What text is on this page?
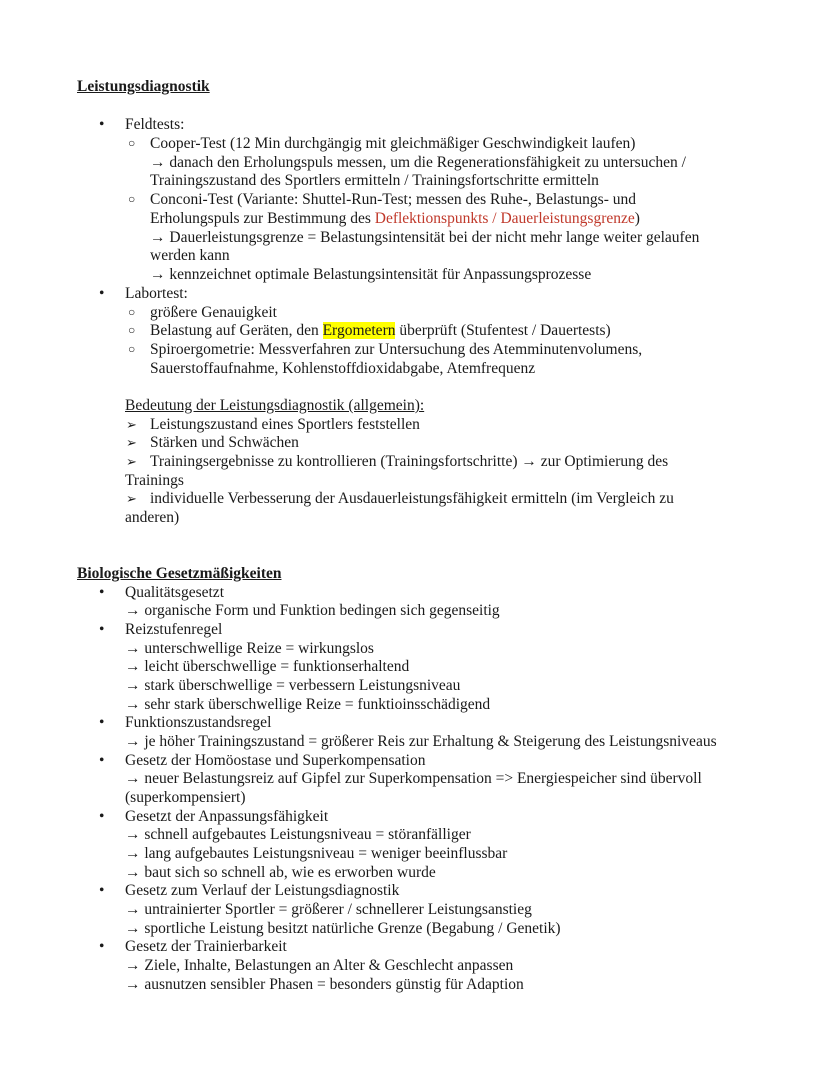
Leistungsdiagnostik
• Feldtests:
○ Cooper-Test (12 Min durchgängig mit gleichmäßiger Geschwindigkeit laufen)
→ danach den Erholungspuls messen, um die Regenerationsfähigkeit zu untersuchen /
Trainingszustand des Sportlers ermitteln / Trainingsfortschritte ermitteln
○ Conconi-Test (Variante: Shuttel-Run-Test; messen des Ruhe-, Belastungs- und
Erholungspuls zur Bestimmung des Deflektionspunkts / Dauerleistungsgrenze)
→ Dauerleistungsgrenze = Belastungsintensität bei der nicht mehr lange weiter gelaufen
werden kann
→ kennzeichnet optimale Belastungsintensität für Anpassungsprozesse
• Labortest:
○ größere Genauigkeit
○ Belastung auf Geräten, den Ergometern überprüft (Stufentest / Dauertests)
○ Spiroergometrie: Messverfahren zur Untersuchung des Atemminutenvolumens,
Sauerstoffaufnahme, Kohlenstoffdioxidabgabe, Atemfrequenz
Bedeutung der Leistungsdiagnostik (allgemein):
➢ Leistungszustand eines Sportlers feststellen
➢ Stärken und Schwächen
➢ Trainingsergebnisse zu kontrollieren (Trainingsfortschritte) → zur Optimierung des
Trainings
➢ individuelle Verbesserung der Ausdauerleistungsfähigkeit ermitteln (im Vergleich zu
anderen)
Biologische Gesetzmäßigkeiten
• Qualitätsgesetzt
→ organische Form und Funktion bedingen sich gegenseitig
• Reizstufenregel
→ unterschwellige Reize = wirkungslos
→ leicht überschwellige = funktionserhaltend
→ stark überschwellige = verbessern Leistungsniveau
→ sehr stark überschwellige Reize = funktioinsschädigend
• Funktionszustandsregel
→ je höher Trainingszustand = größerer Reis zur Erhaltung & Steigerung des Leistungsniveaus
• Gesetz der Homöostase und Superkompensation
→ neuer Belastungsreiz auf Gipfel zur Superkompensation => Energiespeicher sind übervoll
(superkompensiert)
• Gesetzt der Anpassungsfähigkeit
→ schnell aufgebautes Leistungsniveau = störanfälliger
→ lang aufgebautes Leistungsniveau = weniger beeinflussbar
→ baut sich so schnell ab, wie es erworben wurde
• Gesetz zum Verlauf der Leistungsdiagnostik
→ untrainierter Sportler = größerer / schnellerer Leistungsanstieg
→ sportliche Leistung besitzt natürliche Grenze (Begabung / Genetik)
• Gesetz der Trainierbarkeit
→ Ziele, Inhalte, Belastungen an Alter & Geschlecht anpassen
→ ausnutzen sensibler Phasen = besonders günstig für Adaption
